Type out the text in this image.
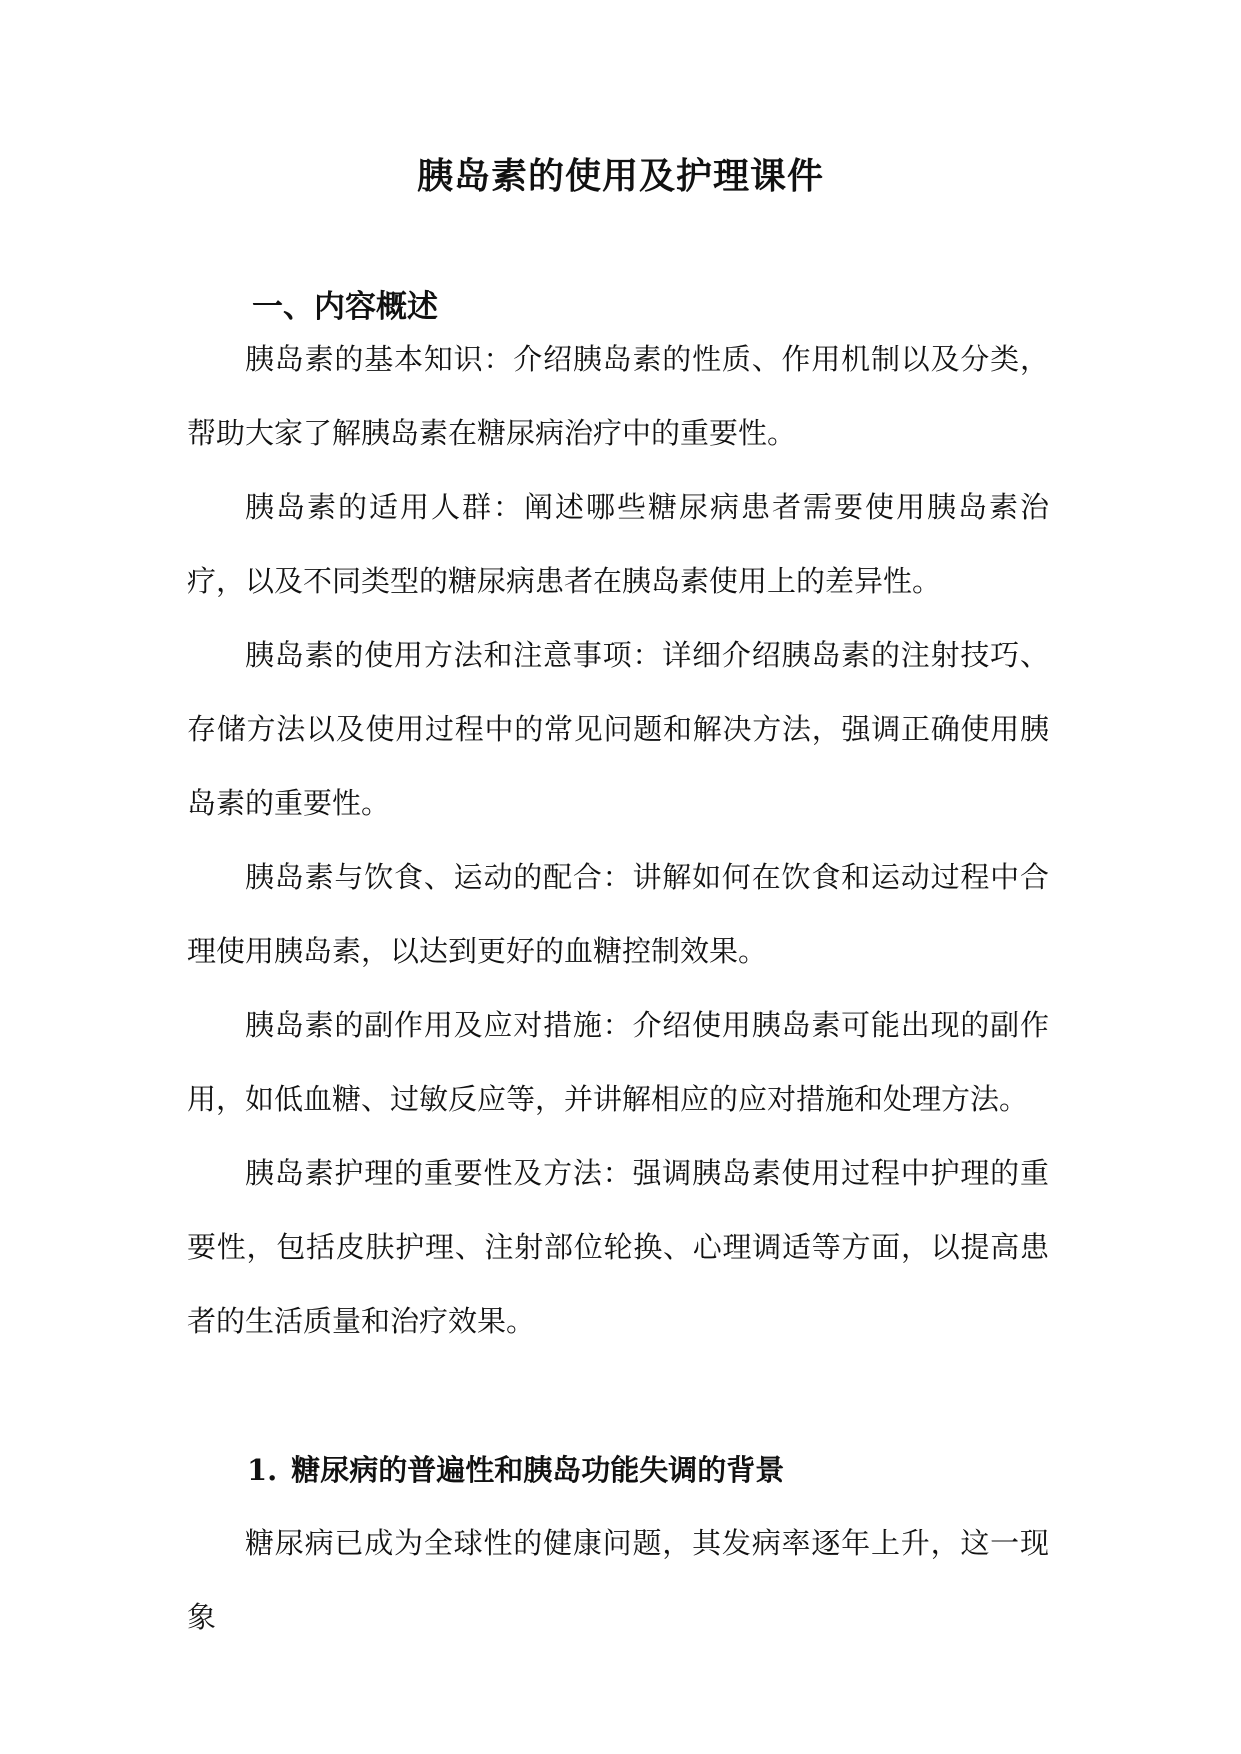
胰岛素的使用及护理课件
一、内容概述

胰岛素的基本知识：介绍胰岛素的性质、作用机制以及分类，帮助大家了解胰岛素在糖尿病治疗中的重要性。

胰岛素的适用人群：阐述哪些糖尿病患者需要使用胰岛素治疗，以及不同类型的糖尿病患者在胰岛素使用上的差异性。

胰岛素的使用方法和注意事项：详细介绍胰岛素的注射技巧、存储方法以及使用过程中的常见问题和解决方法，强调正确使用胰岛素的重要性。

胰岛素与饮食、运动的配合：讲解如何在饮食和运动过程中合理使用胰岛素，以达到更好的血糖控制效果。

胰岛素的副作用及应对措施：介绍使用胰岛素可能出现的副作用，如低血糖、过敏反应等，并讲解相应的应对措施和处理方法。

胰岛素护理的重要性及方法：强调胰岛素使用过程中护理的重要性，包括皮肤护理、注射部位轮换、心理调适等方面，以提高患者的生活质量和治疗效果。

1. 糖尿病的普遍性和胰岛功能失调的背景

糖尿病已成为全球性的健康问题，其发病率逐年上升，这一现象
